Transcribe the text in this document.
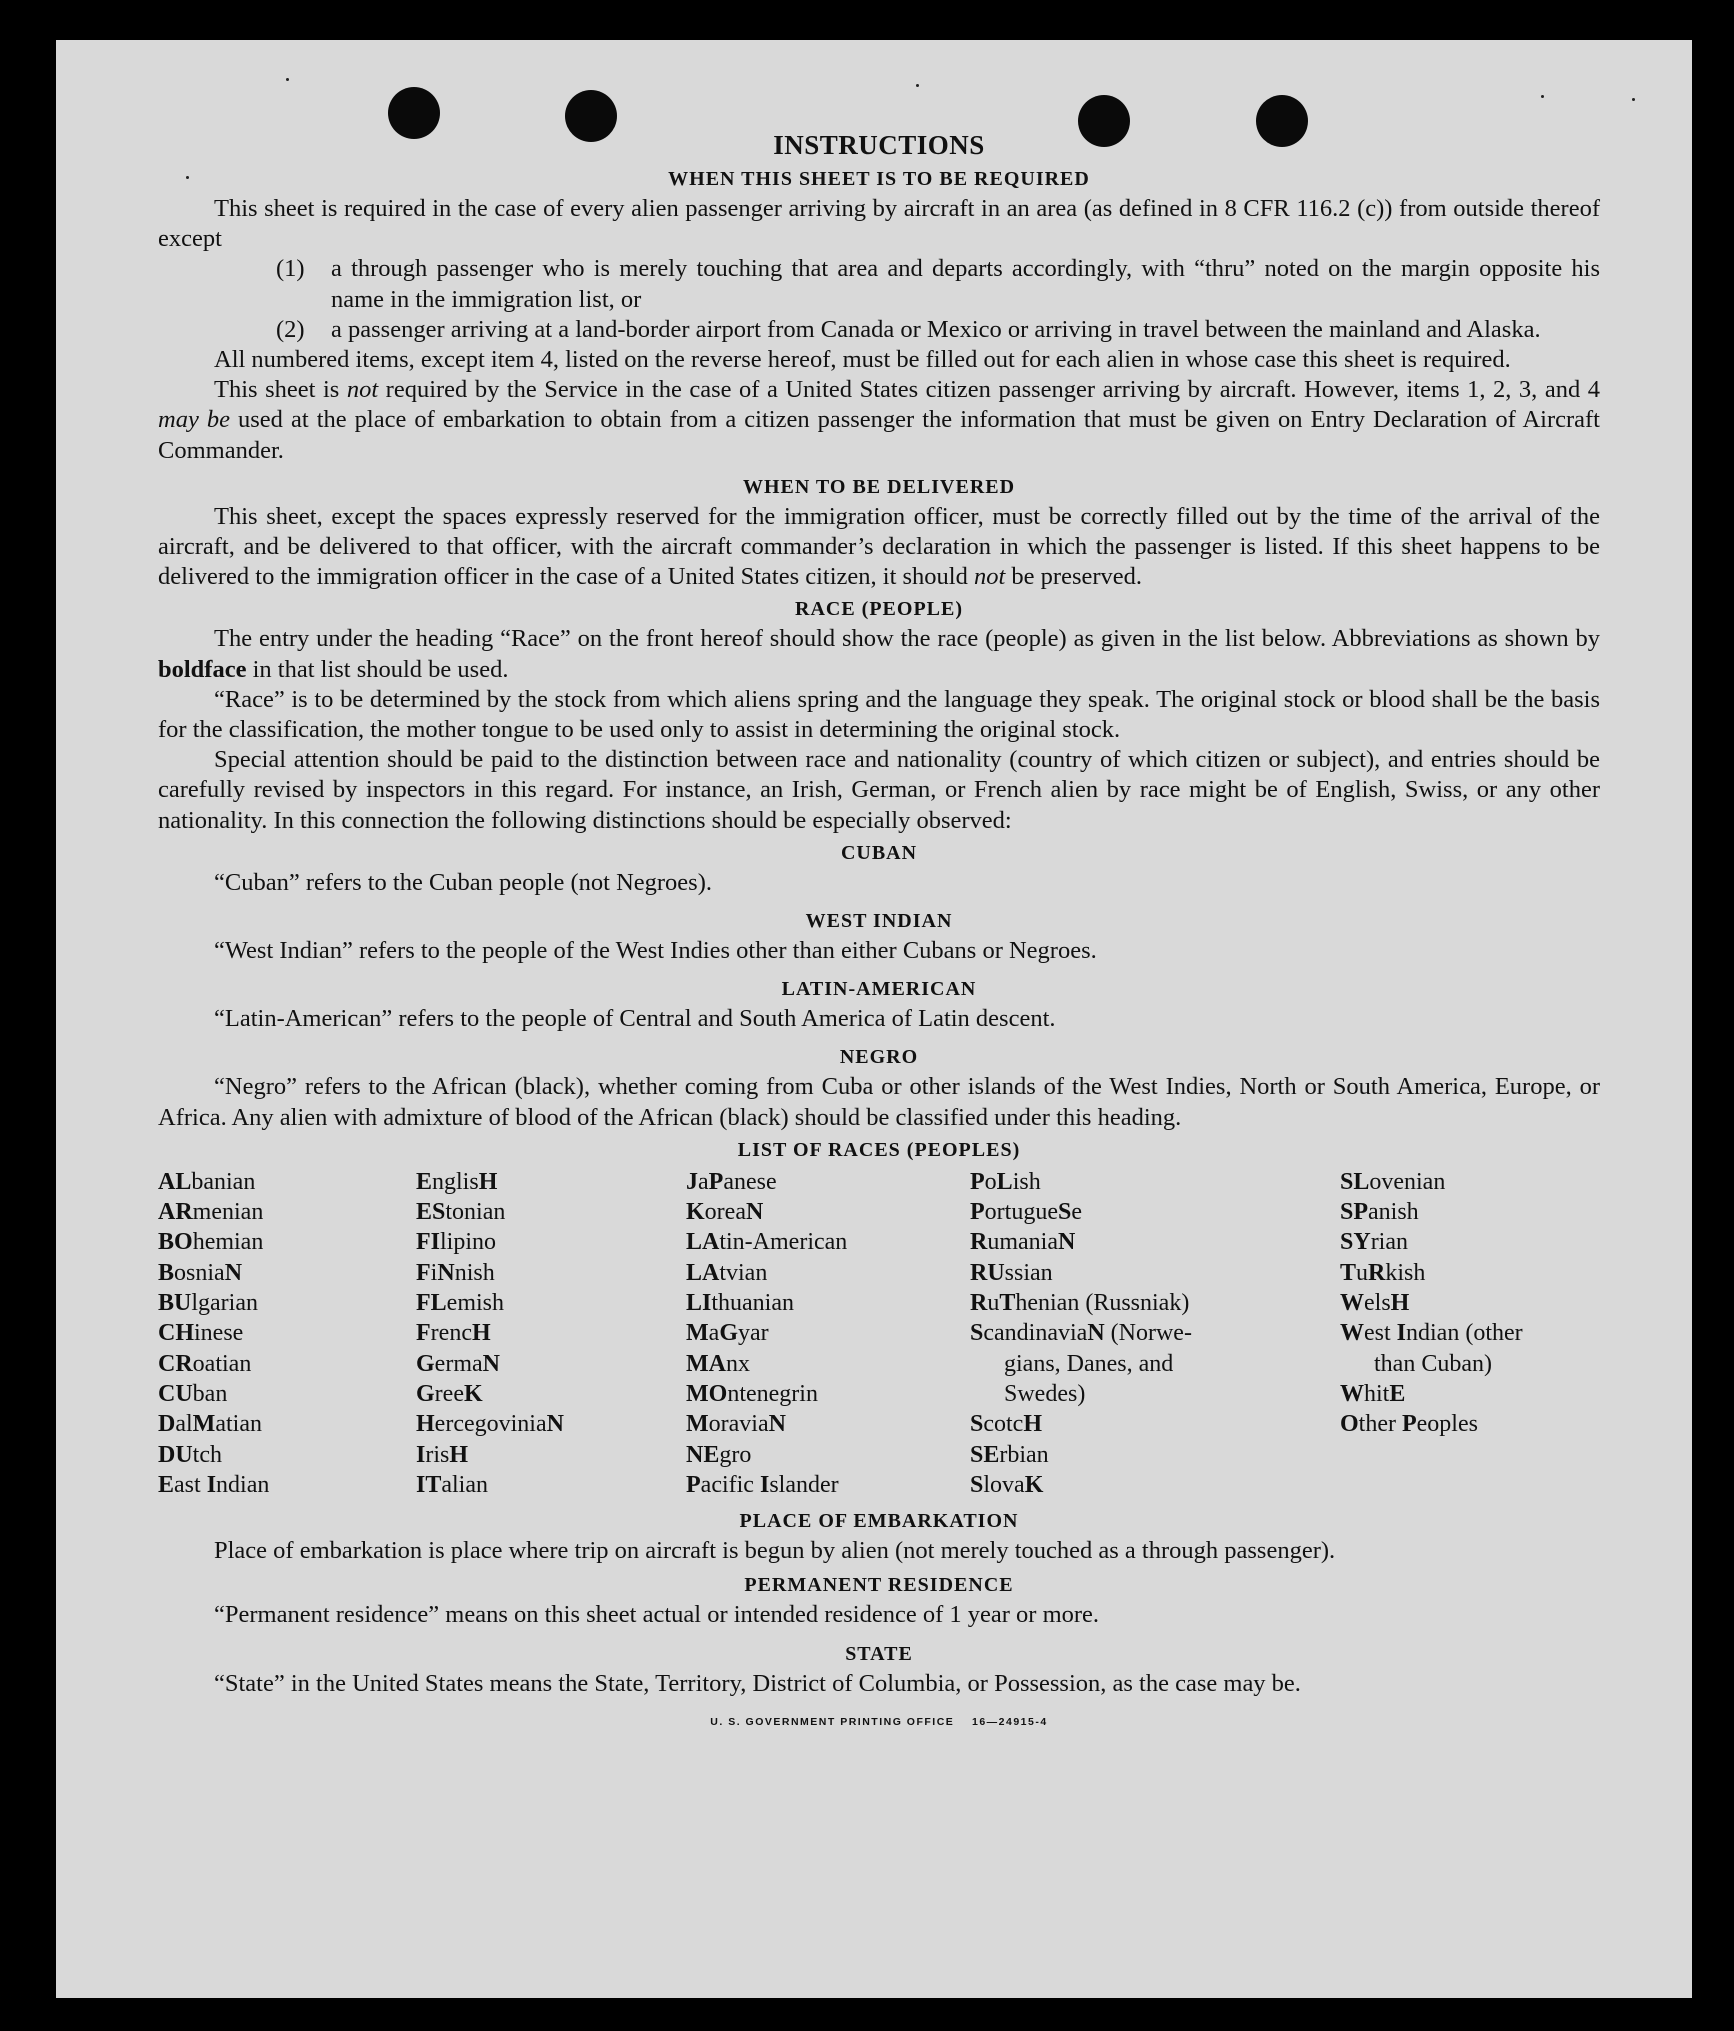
INSTRUCTIONS
WHEN THIS SHEET IS TO BE REQUIRED

This sheet is required in the case of every alien passenger arriving by aircraft in an area (as defined in 8 CFR 116.2 (c)) from outside thereof except

(1)	a through passenger who is merely touching that area and departs accordingly, with “thru” noted on the margin opposite his name in the immigration list, or
(2)	a passenger arriving at a land-border airport from Canada or Mexico or arriving in travel between the mainland and Alaska.

All numbered items, except item 4, listed on the reverse hereof, must be filled out for each alien in whose case this sheet is required.

This sheet is not required by the Service in the case of a United States citizen passenger arriving by aircraft. However, items 1, 2, 3, and 4 may be used at the place of embarkation to obtain from a citizen passenger the information that must be given on Entry Declaration of Aircraft Commander.

WHEN TO BE DELIVERED

This sheet, except the spaces expressly reserved for the immigration officer, must be correctly filled out by the time of the arrival of the aircraft, and be delivered to that officer, with the aircraft commander’s declaration in which the passenger is listed. If this sheet happens to be delivered to the immigration officer in the case of a United States citizen, it should not be preserved.

RACE (PEOPLE)

The entry under the heading “Race” on the front hereof should show the race (people) as given in the list below. Abbreviations as shown by boldface in that list should be used.

“Race” is to be determined by the stock from which aliens spring and the language they speak. The original stock or blood shall be the basis for the classification, the mother tongue to be used only to assist in determining the original stock.

Special attention should be paid to the distinction between race and nationality (country of which citizen or subject), and entries should be carefully revised by inspectors in this regard. For instance, an Irish, German, or French alien by race might be of English, Swiss, or any other nationality. In this connection the following distinctions should be especially observed:

CUBAN

“Cuban” refers to the Cuban people (not Negroes).

WEST INDIAN

“West Indian” refers to the people of the West Indies other than either Cubans or Negroes.

LATIN-AMERICAN

“Latin-American” refers to the people of Central and South America of Latin descent.

NEGRO

“Negro” refers to the African (black), whether coming from Cuba or other islands of the West Indies, North or South America, Europe, or Africa. Any alien with admixture of blood of the African (black) should be classified under this heading.

LIST OF RACES (PEOPLES)
ALbanian
ARmenian
BOhemian
BosniaN
BUlgarian
CHinese
CRoatian
CUban
DalMatian
DUtch
East Indian
EnglisH
EStonian
FIlipino
FiNnish
FLemish
FrencH
GermaN
GreeK
HercegoviniaN
IrisH
ITalian
JaPanese
KoreaN
LAtin-American
LAtvian
LIthuanian
MaGyar
MAnx
MOntenegrin
MoraviaN
NEgro
Pacific Islander
PoLish
PortugueSe
RumaniaN
RUssian
RuThenian (Russniak)
ScandinaviaN (Norwe-
gians, Danes, and
Swedes)
ScotcH
SErbian
SlovaK
SLovenian
SPanish
SYrian
TuRkish
WelsH
West Indian (other
than Cuban)
WhitE
Other Peoples
PLACE OF EMBARKATION

Place of embarkation is place where trip on aircraft is begun by alien (not merely touched as a through passenger).

PERMANENT RESIDENCE

“Permanent residence” means on this sheet actual or intended residence of 1 year or more.

STATE

“State” in the United States means the State, Territory, District of Columbia, or Possession, as the case may be.

U. S. GOVERNMENT PRINTING OFFICE    16—24915-4
